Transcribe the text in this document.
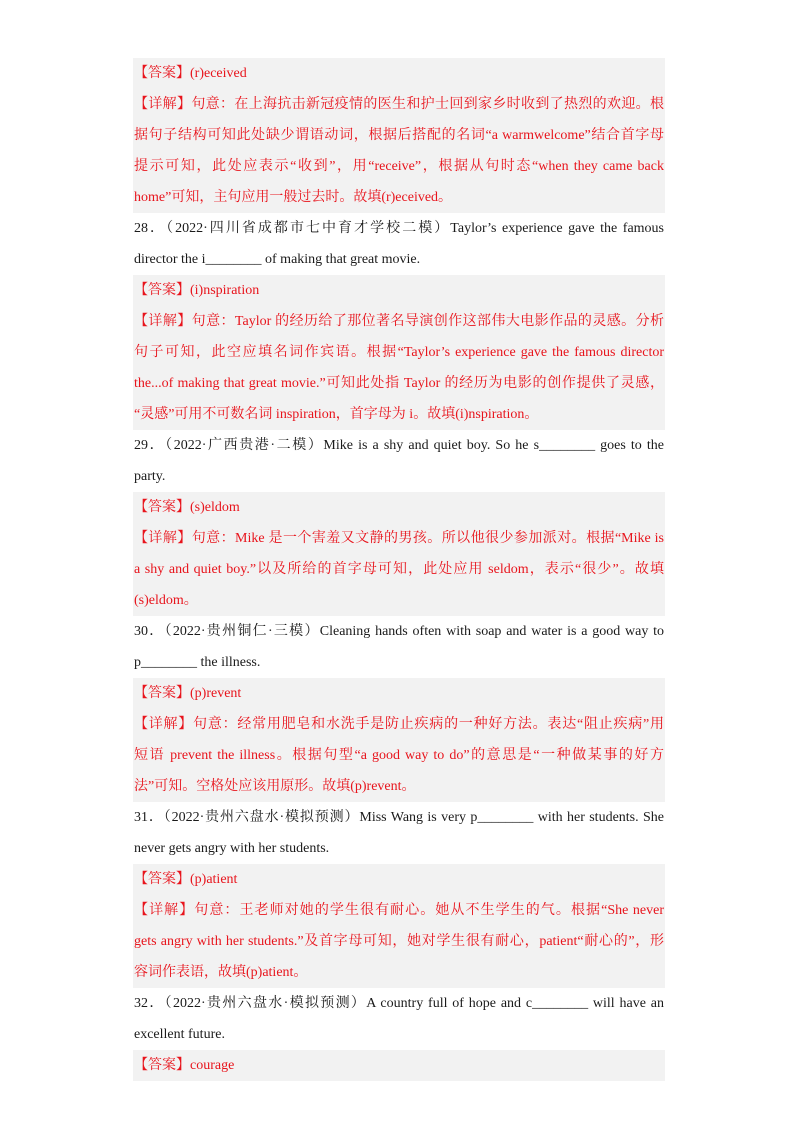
【答案】(r)eceived
【详解】句意：在上海抗击新冠疫情的医生和护士回到家乡时收到了热烈的欢迎。根
据句子结构可知此处缺少谓语动词，根据后搭配的名词“a warmwelcome”结合首字母
提示可知，此处应表示“收到”，用“receive”，根据从句时态“when they came back
home”可知，主句应用一般过去时。故填(r)eceived。
28．（2022·四川省成都市七中育才学校二模）Taylor’s experience gave the famous
director the i________ of making that great movie.
【答案】(i)nspiration
【详解】句意：Taylor 的经历给了那位著名导演创作这部伟大电影作品的灵感。分析
句子可知，此空应填名词作宾语。根据“Taylor’s experience gave the famous director
the...of making that great movie.”可知此处指 Taylor 的经历为电影的创作提供了灵感，
“灵感”可用不可数名词 inspiration，首字母为 i。故填(i)nspiration。
29．（2022·广西贵港·二模）Mike is a shy and quiet boy. So he s________ goes to the
party.
【答案】(s)eldom
【详解】句意：Mike 是一个害羞又文静的男孩。所以他很少参加派对。根据“Mike is
a shy and quiet boy.”以及所给的首字母可知，此处应用 seldom，表示“很少”。故填
(s)eldom。
30．（2022·贵州铜仁·三模）Cleaning hands often with soap and water is a good way to
p________ the illness.
【答案】(p)revent
【详解】句意：经常用肥皂和水洗手是防止疾病的一种好方法。表达“阻止疾病”用
短语 prevent the illness。根据句型“a good way to do”的意思是“一种做某事的好方
法”可知。空格处应该用原形。故填(p)revent。
31．（2022·贵州六盘水·模拟预测）Miss Wang is very p________ with her students. She
never gets angry with her students.
【答案】(p)atient
【详解】句意：王老师对她的学生很有耐心。她从不生学生的气。根据“She never
gets angry with her students.”及首字母可知，她对学生很有耐心，patient“耐心的”，形
容词作表语，故填(p)atient。
32．（2022·贵州六盘水·模拟预测）A country full of hope and c________ will have an
excellent future.
【答案】courage
